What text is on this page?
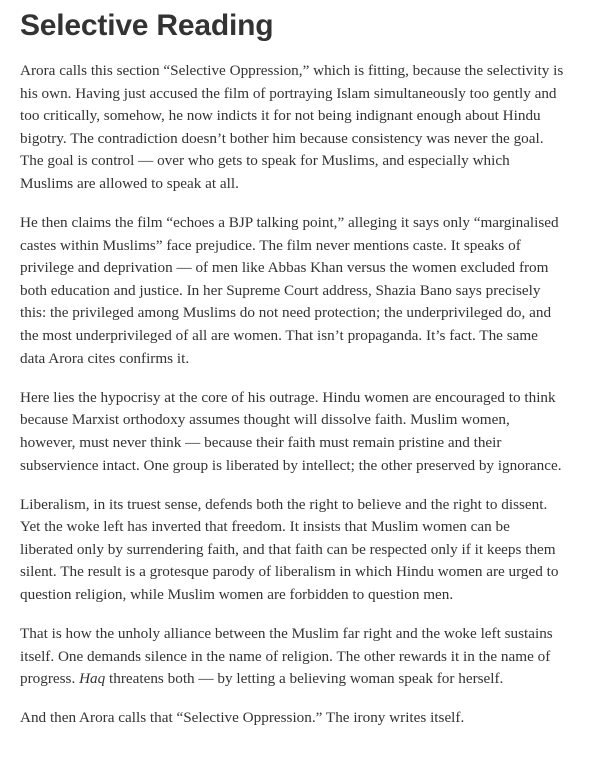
Selective Reading

Arora calls this section “Selective Oppression,” which is fitting, because the selectivity is his own. Having just accused the film of portraying Islam simultaneously too gently and too critically, somehow, he now indicts it for not being indignant enough about Hindu bigotry. The contradiction doesn’t bother him because consistency was never the goal. The goal is control — over who gets to speak for Muslims, and especially which Muslims are allowed to speak at all.

He then claims the film “echoes a BJP talking point,” alleging it says only “marginalised castes within Muslims” face prejudice. The film never mentions caste. It speaks of privilege and deprivation — of men like Abbas Khan versus the women excluded from both education and justice. In her Supreme Court address, Shazia Bano says precisely this: the privileged among Muslims do not need protection; the underprivileged do, and the most underprivileged of all are women. That isn’t propaganda. It’s fact. The same data Arora cites confirms it.

Here lies the hypocrisy at the core of his outrage. Hindu women are encouraged to think because Marxist orthodoxy assumes thought will dissolve faith. Muslim women, however, must never think — because their faith must remain pristine and their subservience intact. One group is liberated by intellect; the other preserved by ignorance.

Liberalism, in its truest sense, defends both the right to believe and the right to dissent. Yet the woke left has inverted that freedom. It insists that Muslim women can be liberated only by surrendering faith, and that faith can be respected only if it keeps them silent. The result is a grotesque parody of liberalism in which Hindu women are urged to question religion, while Muslim women are forbidden to question men.

That is how the unholy alliance between the Muslim far right and the woke left sustains itself. One demands silence in the name of religion. The other rewards it in the name of progress. Haq threatens both — by letting a believing woman speak for herself.

And then Arora calls that “Selective Oppression.” The irony writes itself.
